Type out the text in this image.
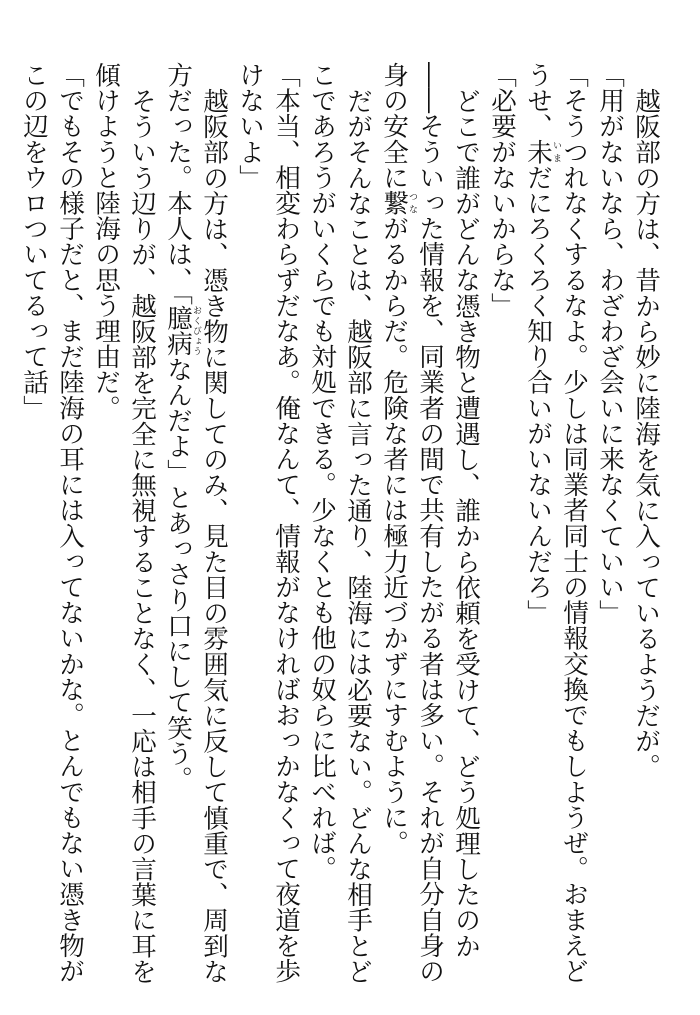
越阪部の方は、昔から妙に陸海を気に入っているようだが。

「用がないなら、わざわざ会いに来なくていい」

「そうつれなくするなよ。少しは同業者同士の情報交換でもしようぜ。おまえどうせ、未いまだにろくろく知り合いがいないんだろ」

「必要がないからな」

どこで誰がどんな憑き物と遭遇し、誰から依頼を受けて、どう処理したのか――そういった情報を、同業者の間で共有したがる者は多い。それが自分自身の身の安全に繋つながるからだ。危険な者には極力近づかずにすむように。

だがそんなことは、越阪部に言った通り、陸海には必要ない。どんな相手とどこであろうがいくらでも対処できる。少なくとも他の奴らに比べれば。

「本当、相変わらずだなあ。俺なんて、情報がなければおっかなくって夜道を歩けないよ」

越阪部の方は、憑き物に関してのみ、見た目の雰囲気に反して慎重で、周到な方だった。本人は、「臆病おくびょうなんだよ」とあっさり口にして笑う。

そういう辺りが、越阪部を完全に無視することなく、一応は相手の言葉に耳を傾けようと陸海の思う理由だ。

「でもその様子だと、まだ陸海の耳には入ってないかな。とんでもない憑き物がこの辺をウロついてるって話」
